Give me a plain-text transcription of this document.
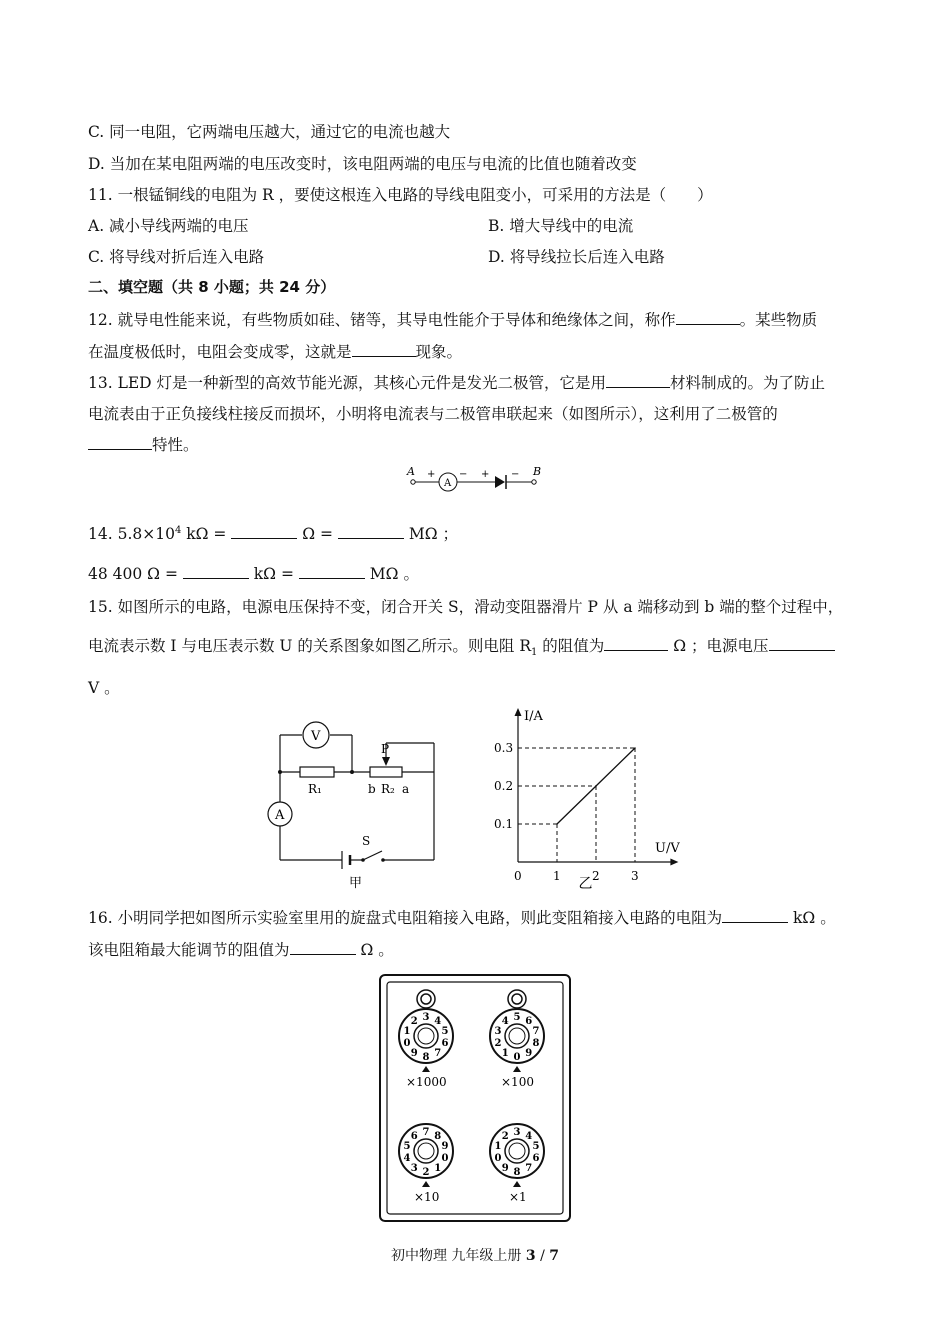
C. 同一电阻，它两端电压越大，通过它的电流也越大
D. 当加在某电阻两端的电压改变时，该电阻两端的电压与电流的比值也随着改变
11. 一根锰铜线的电阻为 R ，要使这根连入电路的导线电阻变小，可采用的方法是（　　）
A. 减小导线两端的电压	B. 增大导线中的电流
C. 将导线对折后连入电路	D. 将导线拉长后连入电路
二、填空题（共 8 小题；共 24 分）
12. 就导电性能来说，有些物质如硅、锗等，其导电性能介于导体和绝缘体之间，称作	。某些物质
在温度极低时，电阻会变成零，这就是	现象。
13. LED 灯是一种新型的高效节能光源，其核心元件是发光二极管，它是用	材料制成的。为了防止
电流表由于正负接线柱接反而损坏，小明将电流表与二极管串联起来（如图所示），这利用了二极管的
特性。
A +
A
− + − B
14. $5.8\times 10^4$ kΩ =	Ω =	MΩ ；
48 400 Ω =	kΩ =	MΩ 。
15. 如图所示的电路，电源电压保持不变，闭合开关 S，滑动变阻器滑片 P 从 a 端移动到 b 端的整个过程中，
电流表示数 I 与电压表示数 U 的关系图象如图乙所示。则电阻 $R_1$ 的阻值为	Ω ；电源电压
V 。
V
R₁
P
b R₂ a
A
S
甲	0	1	2	3
0.1
0.2
0.3
I/A
U/V
乙
16. 小明同学把如图所示实验室里用的旋盘式电阻箱接入电路，则此变阻箱接入电路的电阻为	kΩ 。
该电阻箱最大能调节的阻值为	Ω 。
0
1
2 3 4
5
6
7
8
9
×1000
0
1
2
3
4 5 6
7
8
9
×100
0
1
2
3
4
5
6 7 8
9
×10
0
1
2 3 4
5
6
7
8
9
×1
初中物理 九年级上册 3 / 7
